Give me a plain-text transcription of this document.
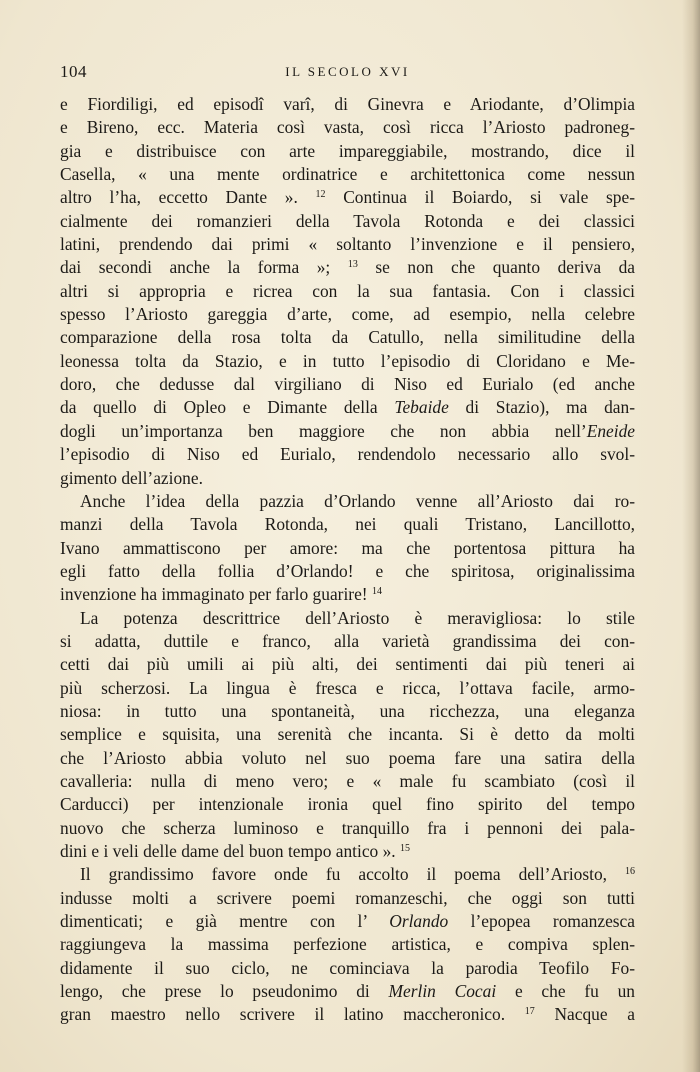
104	IL SECOLO XVI
e Fiordiligi, ed episodî varî, di Ginevra e Ariodante, d’Olimpia
e Bireno, ecc. Materia così vasta, così ricca l’Ariosto padroneg-
gia e distribuisce con arte impareggiabile, mostrando, dice il
Casella, « una mente ordinatrice e architettonica come nessun
altro l’ha, eccetto Dante ». $^{12}$ Continua il Boiardo, si vale spe-
cialmente dei romanzieri della Tavola Rotonda e dei classici
latini, prendendo dai primi « soltanto l’invenzione e il pensiero,
dai secondi anche la forma »; $^{13}$ se non che quanto deriva da
altri si appropria e ricrea con la sua fantasia. Con i classici
spesso l’Ariosto gareggia d’arte, come, ad esempio, nella celebre
comparazione della rosa tolta da Catullo, nella similitudine della
leonessa tolta da Stazio, e in tutto l’episodio di Cloridano e Me-
doro, che dedusse dal virgiliano di Niso ed Eurialo (ed anche
da quello di Opleo e Dimante della Tebaide di Stazio), ma dan-
dogli un’importanza ben maggiore che non abbia nell’Eneide
l’episodio di Niso ed Eurialo, rendendolo necessario allo svol-
gimento dell’azione.
Anche l’idea della pazzia d’Orlando venne all’Ariosto dai ro-
manzi della Tavola Rotonda, nei quali Tristano, Lancillotto,
Ivano ammattiscono per amore: ma che portentosa pittura ha
egli fatto della follia d’Orlando! e che spiritosa, originalissima
invenzione ha immaginato per farlo guarire! $^{14}$
La potenza descrittrice dell’Ariosto è meravigliosa: lo stile
si adatta, duttile e franco, alla varietà grandissima dei con-
cetti dai più umili ai più alti, dei sentimenti dai più teneri ai
più scherzosi. La lingua è fresca e ricca, l’ottava facile, armo-
niosa: in tutto una spontaneità, una ricchezza, una eleganza
semplice e squisita, una serenità che incanta. Si è detto da molti
che l’Ariosto abbia voluto nel suo poema fare una satira della
cavalleria: nulla di meno vero; e « male fu scambiato (così il
Carducci) per intenzionale ironia quel fino spirito del tempo
nuovo che scherza luminoso e tranquillo fra i pennoni dei pala-
dini e i veli delle dame del buon tempo antico ». $^{15}$
Il grandissimo favore onde fu accolto il poema dell’Ariosto, $^{16}$
indusse molti a scrivere poemi romanzeschi, che oggi son tutti
dimenticati; e già mentre con l’ Orlando l’epopea romanzesca
raggiungeva la massima perfezione artistica, e compiva splen-
didamente il suo ciclo, ne cominciava la parodia Teofilo Fo-
lengo, che prese lo pseudonimo di Merlin Cocai e che fu un
gran maestro nello scrivere il latino maccheronico. $^{17}$ Nacque a
